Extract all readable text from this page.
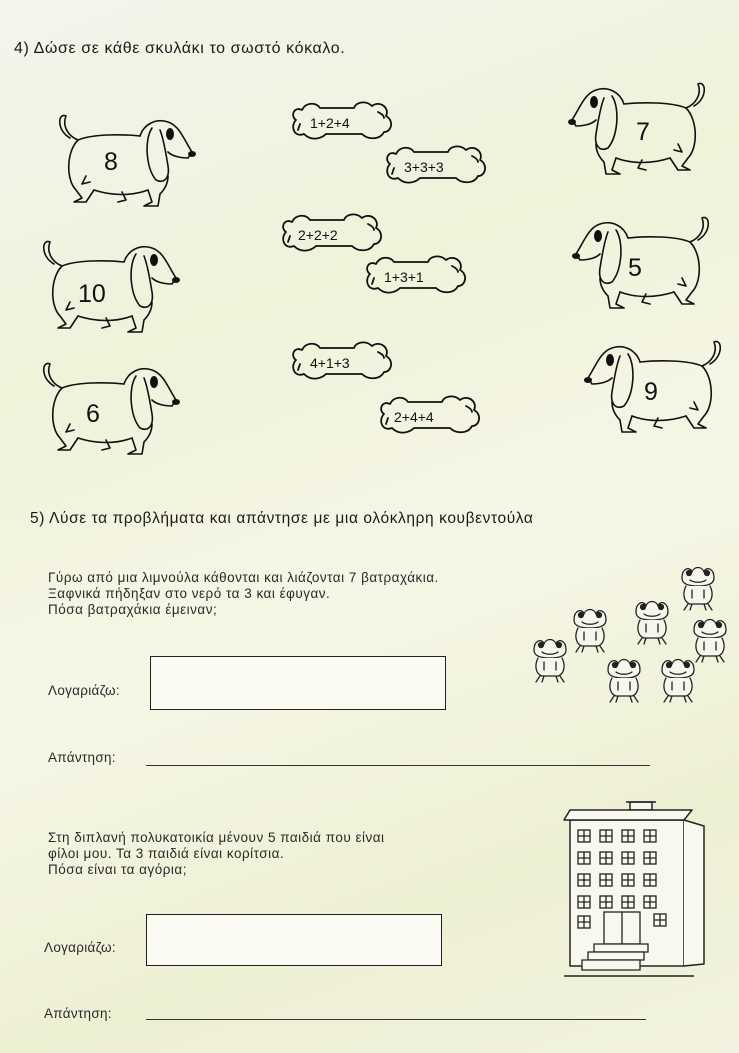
4) Δώσε σε κάθε σκυλάκι το σωστό κόκαλο.
8
10
6
7
5
9
1+2+4
3+3+3
2+2+2
1+3+1
4+1+3
2+4+4
5) Λύσε τα προβλήματα και απάντησε με μια ολόκληρη κουβεντούλα
Γύρω από μια λιμνούλα κάθονται και λιάζονται 7 βατραχάκια.
Ξαφνικά πήδηξαν στο νερό τα 3 και έφυγαν.
Πόσα βατραχάκια έμειναν;
Λογαριάζω:
Απάντηση:
Στη διπλανή πολυκατοικία μένουν 5 παιδιά που είναι
φίλοι μου. Τα 3 παιδιά είναι κορίτσια.
Πόσα είναι τα αγόρια;
Λογαριάζω:
Απάντηση:
